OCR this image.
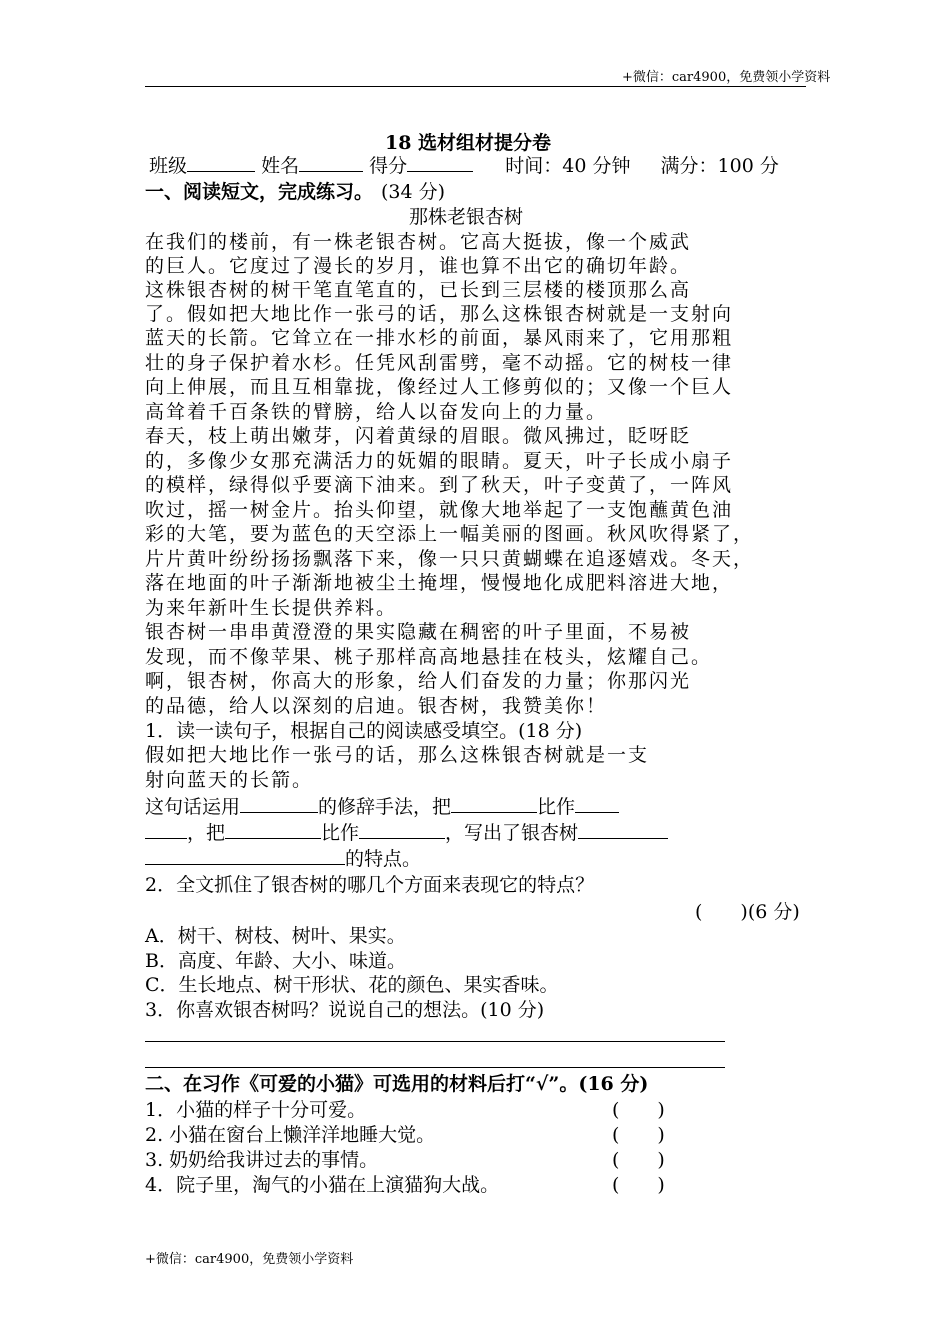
+微信：car4900，免费领小学资料
18 选材组材提分卷
班级	姓名	得分	时间：40 分钟 满分：100 分
一、阅读短文，完成练习。 (34 分)
那株老银杏树
在我们的楼前，有一株老银杏树。它高大挺拔，像一个威武
的巨人。它度过了漫长的岁月，谁也算不出它的确切年龄。
这株银杏树的树干笔直笔直的，已长到三层楼的楼顶那么高
了。假如把大地比作一张弓的话，那么这株银杏树就是一支射向
蓝天的长箭。它耸立在一排水杉的前面，暴风雨来了，它用那粗
壮的身子保护着水杉。任凭风刮雷劈，毫不动摇。它的树枝一律
向上伸展，而且互相靠拢，像经过人工修剪似的；又像一个巨人
高耸着千百条铁的臂膀，给人以奋发向上的力量。
春天，枝上萌出嫩芽，闪着黄绿的眉眼。微风拂过，眨呀眨
的，多像少女那充满活力的妩媚的眼睛。夏天，叶子长成小扇子
的模样，绿得似乎要滴下油来。到了秋天，叶子变黄了，一阵风
吹过，摇一树金片。抬头仰望，就像大地举起了一支饱蘸黄色油
彩的大笔，要为蓝色的天空添上一幅美丽的图画。秋风吹得紧了，
片片黄叶纷纷扬扬飘落下来，像一只只黄蝴蝶在追逐嬉戏。冬天，
落在地面的叶子渐渐地被尘土掩埋，慢慢地化成肥料溶进大地，
为来年新叶生长提供养料。
银杏树一串串黄澄澄的果实隐藏在稠密的叶子里面，不易被
发现，而不像苹果、桃子那样高高地悬挂在枝头，炫耀自己。
啊，银杏树，你高大的形象，给人们奋发的力量；你那闪光
的品德，给人以深刻的启迪。银杏树，我赞美你！
1．读一读句子，根据自己的阅读感受填空。(18 分)
假如把大地比作一张弓的话，那么这株银杏树就是一支
射向蓝天的长箭。
这句话运用	的修辞手法，把	比作
，把	比作	，写出了银杏树
的特点。
2．全文抓住了银杏树的哪几个方面来表现它的特点？
(　　)(6 分)
A．树干、树枝、树叶、果实。
B．高度、年龄、大小、味道。
C．生长地点、树干形状、花的颜色、果实香味。
3．你喜欢银杏树吗？说说自己的想法。(10 分)
二、在习作《可爱的小猫》可选用的材料后打“√”。(16 分)
1．小猫的样子十分可爱。	(　　)
2. 小猫在窗台上懒洋洋地睡大觉。	(　　)
3. 奶奶给我讲过去的事情。	(　　)
4．院子里，淘气的小猫在上演猫狗大战。	(　　)
+微信：car4900，免费领小学资料
